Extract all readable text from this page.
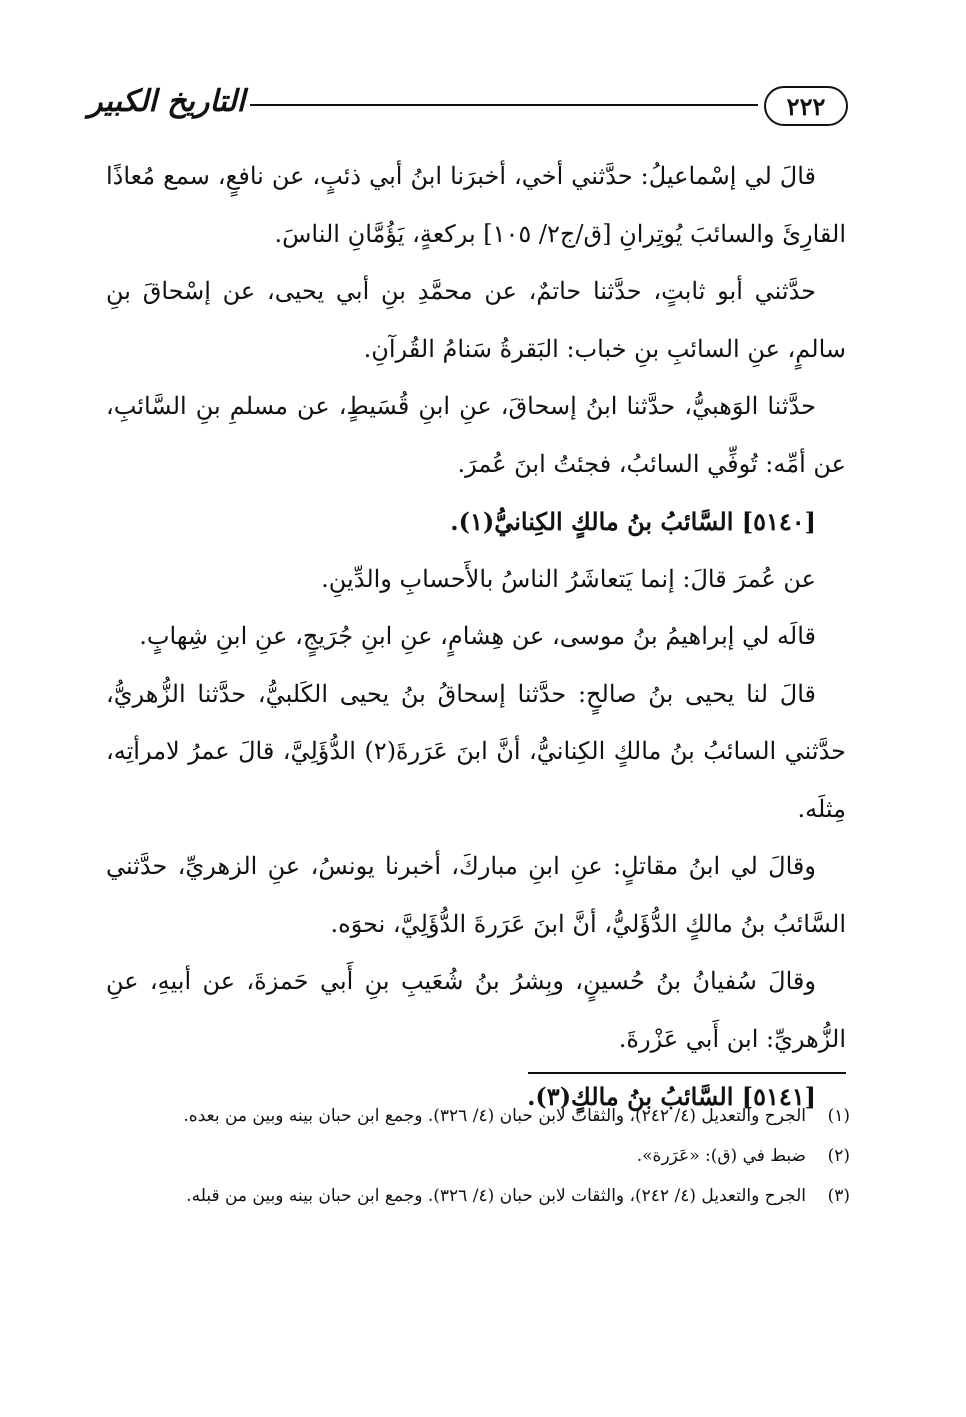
٢٢٢
التاريخ الكبير

قالَ لي إسْماعيلُ: حدَّثني أخي، أخبرَنا ابنُ أبي ذئبٍ، عن نافعٍ، سمع مُعاذًا القارِئَ والسائبَ يُوتِرانِ [ق/ج٢/ ١٠٥] بركعةٍ، يَؤُمَّانِ الناسَ.

حدَّثني أبو ثابتٍ، حدَّثنا حاتمٌ، عن محمَّدِ بنِ أبي يحيى، عن إسْحاقَ بنِ سالمٍ، عنِ السائبِ بنِ خباب: البَقرةُ سَنامُ القُرآنِ.

حدَّثنا الوَهبيُّ، حدَّثنا ابنُ إسحاقَ، عنِ ابنِ قُسَيطٍ، عن مسلمِ بنِ السَّائبِ، عن أمِّه: تُوفِّي السائبُ، فجئتُ ابنَ عُمرَ.

[٥١٤٠] السَّائبُ بنُ مالكٍ الكِنانيُّ(١).

عن عُمرَ قالَ: إنما يَتعاشَرُ الناسُ بالأَحسابِ والدِّينِ.

قالَه لي إبراهيمُ بنُ موسى، عن هِشامٍ، عنِ ابنِ جُرَيجٍ، عنِ ابنِ شِهابٍ.

قالَ لنا يحيى بنُ صالحٍ: حدَّثنا إسحاقُ بنُ يحيى الكَلبيُّ، حدَّثنا الزُّهريُّ، حدَّثني السائبُ بنُ مالكٍ الكِنانيُّ، أنَّ ابنَ عَرَرةَ(٢) الدُّؤَلِيَّ، قالَ عمرُ لامرأتِه، مِثلَه.

وقالَ لي ابنُ مقاتلٍ: عنِ ابنِ مباركَ، أخبرنا يونسُ، عنِ الزهريِّ، حدَّثني السَّائبُ بنُ مالكٍ الدُّؤَليُّ، أنَّ ابنَ عَرَرةَ الدُّؤَلِيَّ، نحوَه.

وقالَ سُفيانُ بنُ حُسينٍ، وبِشرُ بنُ شُعَيبِ بنِ أَبي حَمزةَ، عن أبيهِ، عنِ الزُّهريِّ: ابن أَبي عَزْرةَ.

[٥١٤١] السَّائبُ بنُ مالكٍ(٣).

(١)
الجرح والتعديل (٤/ ٢٤٢)، والثقات لابن حبان (٤/ ٣٢٦). وجمع ابن حبان بينه وبين من بعده.
(٢)
ضبط في (ق): «عَرَرة».
(٣)
الجرح والتعديل (٤/ ٢٤٢)، والثقات لابن حبان (٤/ ٣٢٦). وجمع ابن حبان بينه وبين من قبله.
